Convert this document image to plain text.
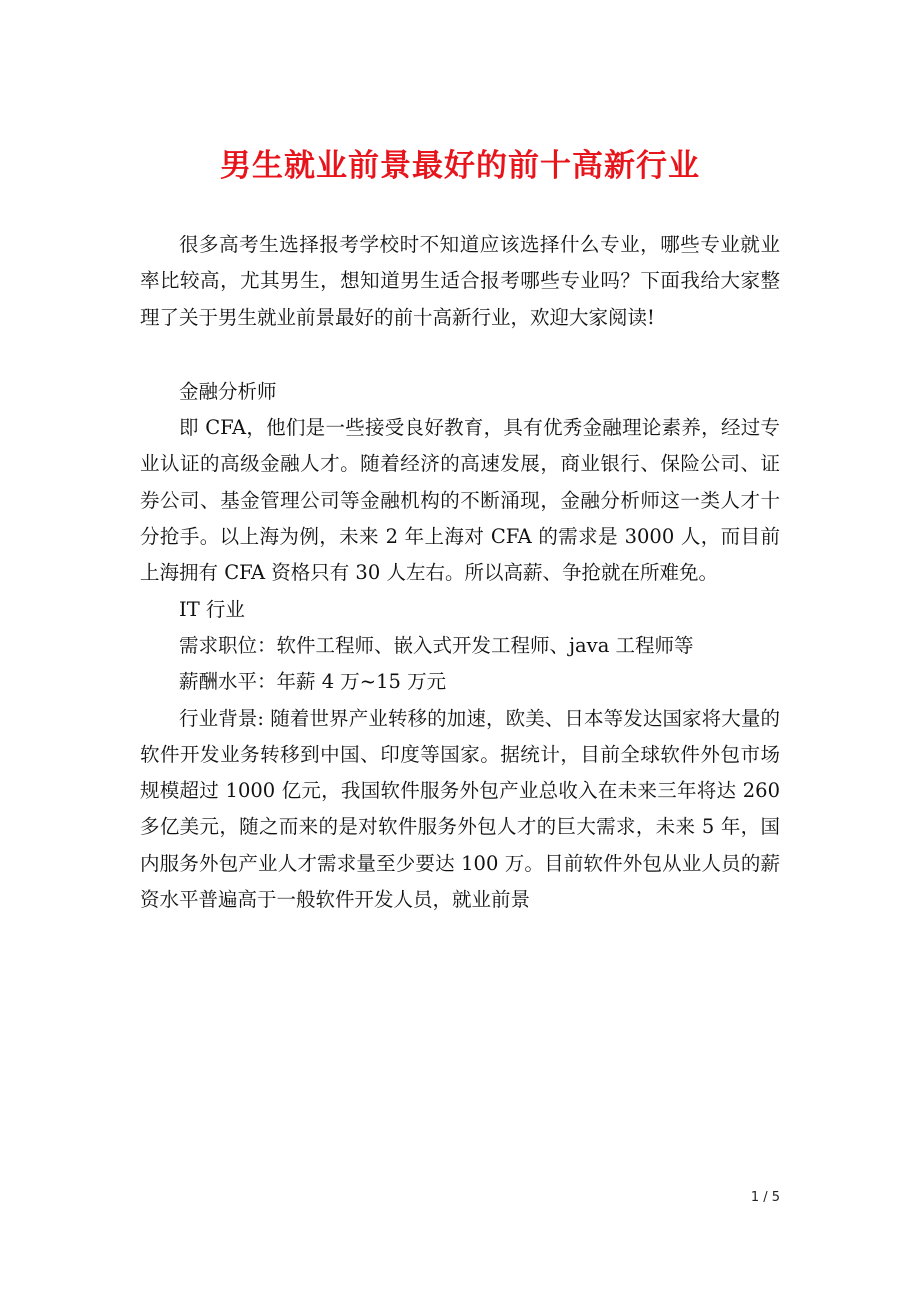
男生就业前景最好的前十高新行业

很多高考生选择报考学校时不知道应该选择什么专业，哪些专业就业率比较高，尤其男生，想知道男生适合报考哪些专业吗？下面我给大家整理了关于男生就业前景最好的前十高新行业，欢迎大家阅读!

金融分析师

即 CFA，他们是一些接受良好教育，具有优秀金融理论素养，经过专业认证的高级金融人才。随着经济的高速发展，商业银行、保险公司、证券公司、基金管理公司等金融机构的不断涌现，金融分析师这一类人才十分抢手。以上海为例，未来 2 年上海对 CFA 的需求是 3000 人，而目前上海拥有 CFA 资格只有 30 人左右。所以高薪、争抢就在所难免。

IT 行业

需求职位：软件工程师、嵌入式开发工程师、java 工程师等

薪酬水平：年薪 4 万~15 万元

行业背景: 随着世界产业转移的加速，欧美、日本等发达国家将大量的软件开发业务转移到中国、印度等国家。据统计，目前全球软件外包市场规模超过 1000 亿元，我国软件服务外包产业总收入在未来三年将达 260 多亿美元，随之而来的是对软件服务外包人才的巨大需求，未来 5 年，国内服务外包产业人才需求量至少要达 100 万。目前软件外包从业人员的薪资水平普遍高于一般软件开发人员，就业前景

1 / 5
